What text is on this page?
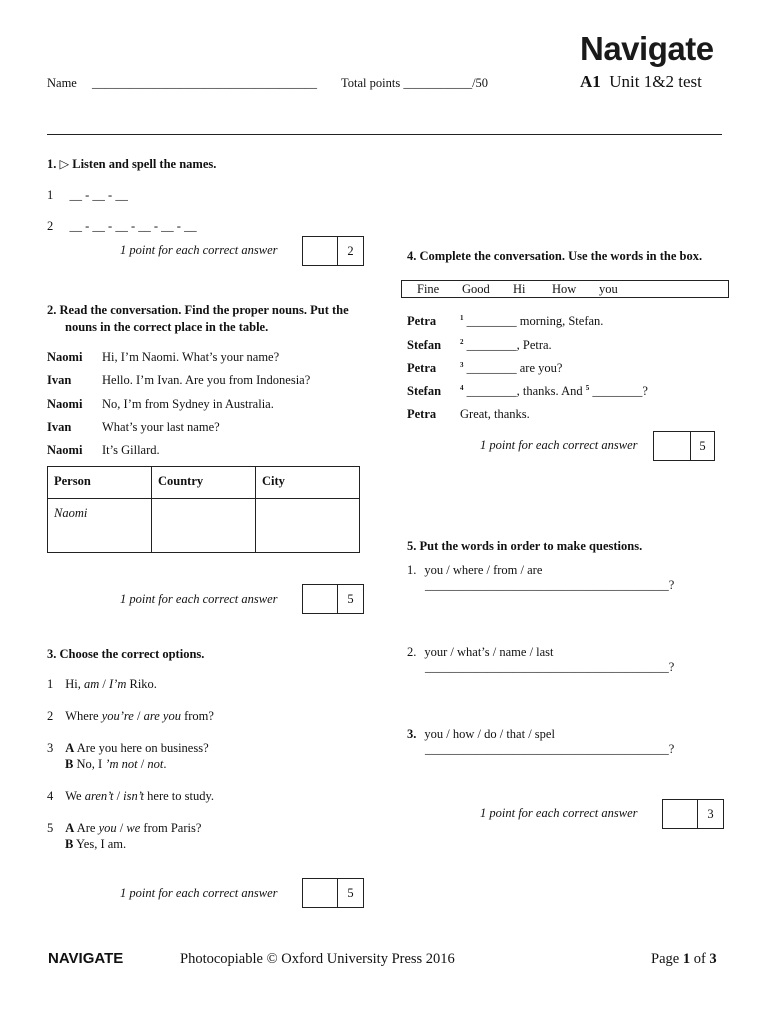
Navigate
A1 Unit 1&2 test
Name ____________________________________ Total points ___________/50
1. ▷ Listen and spell the names.
1 __ - __ - __
2 __ - __ - __ - __ - __ - __
1 point for each correct answer	2
2. Read the conversation. Find the proper nouns. Put the
nouns in the correct place in the table.
Naomi Hi, I’m Naomi. What’s your name?
Ivan Hello. I’m Ivan. Are you from Indonesia?
Naomi No, I’m from Sydney in Australia.
Ivan What’s your last name?
Naomi It’s Gillard.
Person	Country	City
Naomi		
1 point for each correct answer	5
3. Choose the correct options.
1 Hi, am / I’m Riko.
2 Where you’re / are you from?
3 A Are you here on business?
B No, I ’m not / not.
4 We aren’t / isn’t here to study.
5 A Are you / we from Paris?
B Yes, I am.
1 point for each correct answer	5
4. Complete the conversation. Use the words in the box.
Fine Good Hi How you
Petra	$^1$ ________ morning, Stefan.
Stefan	$^2$ ________, Petra.
Petra	$^3$ ________ are you?
Stefan	$^4$ ________, thanks. And $^5$ ________?
Petra Great, thanks.
1 point for each correct answer	5
5. Put the words in order to make questions.
1. you / where / from / are
_______________________________________?
2. your / what’s / name / last
_______________________________________?
3. you / how / do / that / spel
_______________________________________?
1 point for each correct answer	3
NAVIGATE	Photocopiable © Oxford University Press 2016	Page 1 of 3
